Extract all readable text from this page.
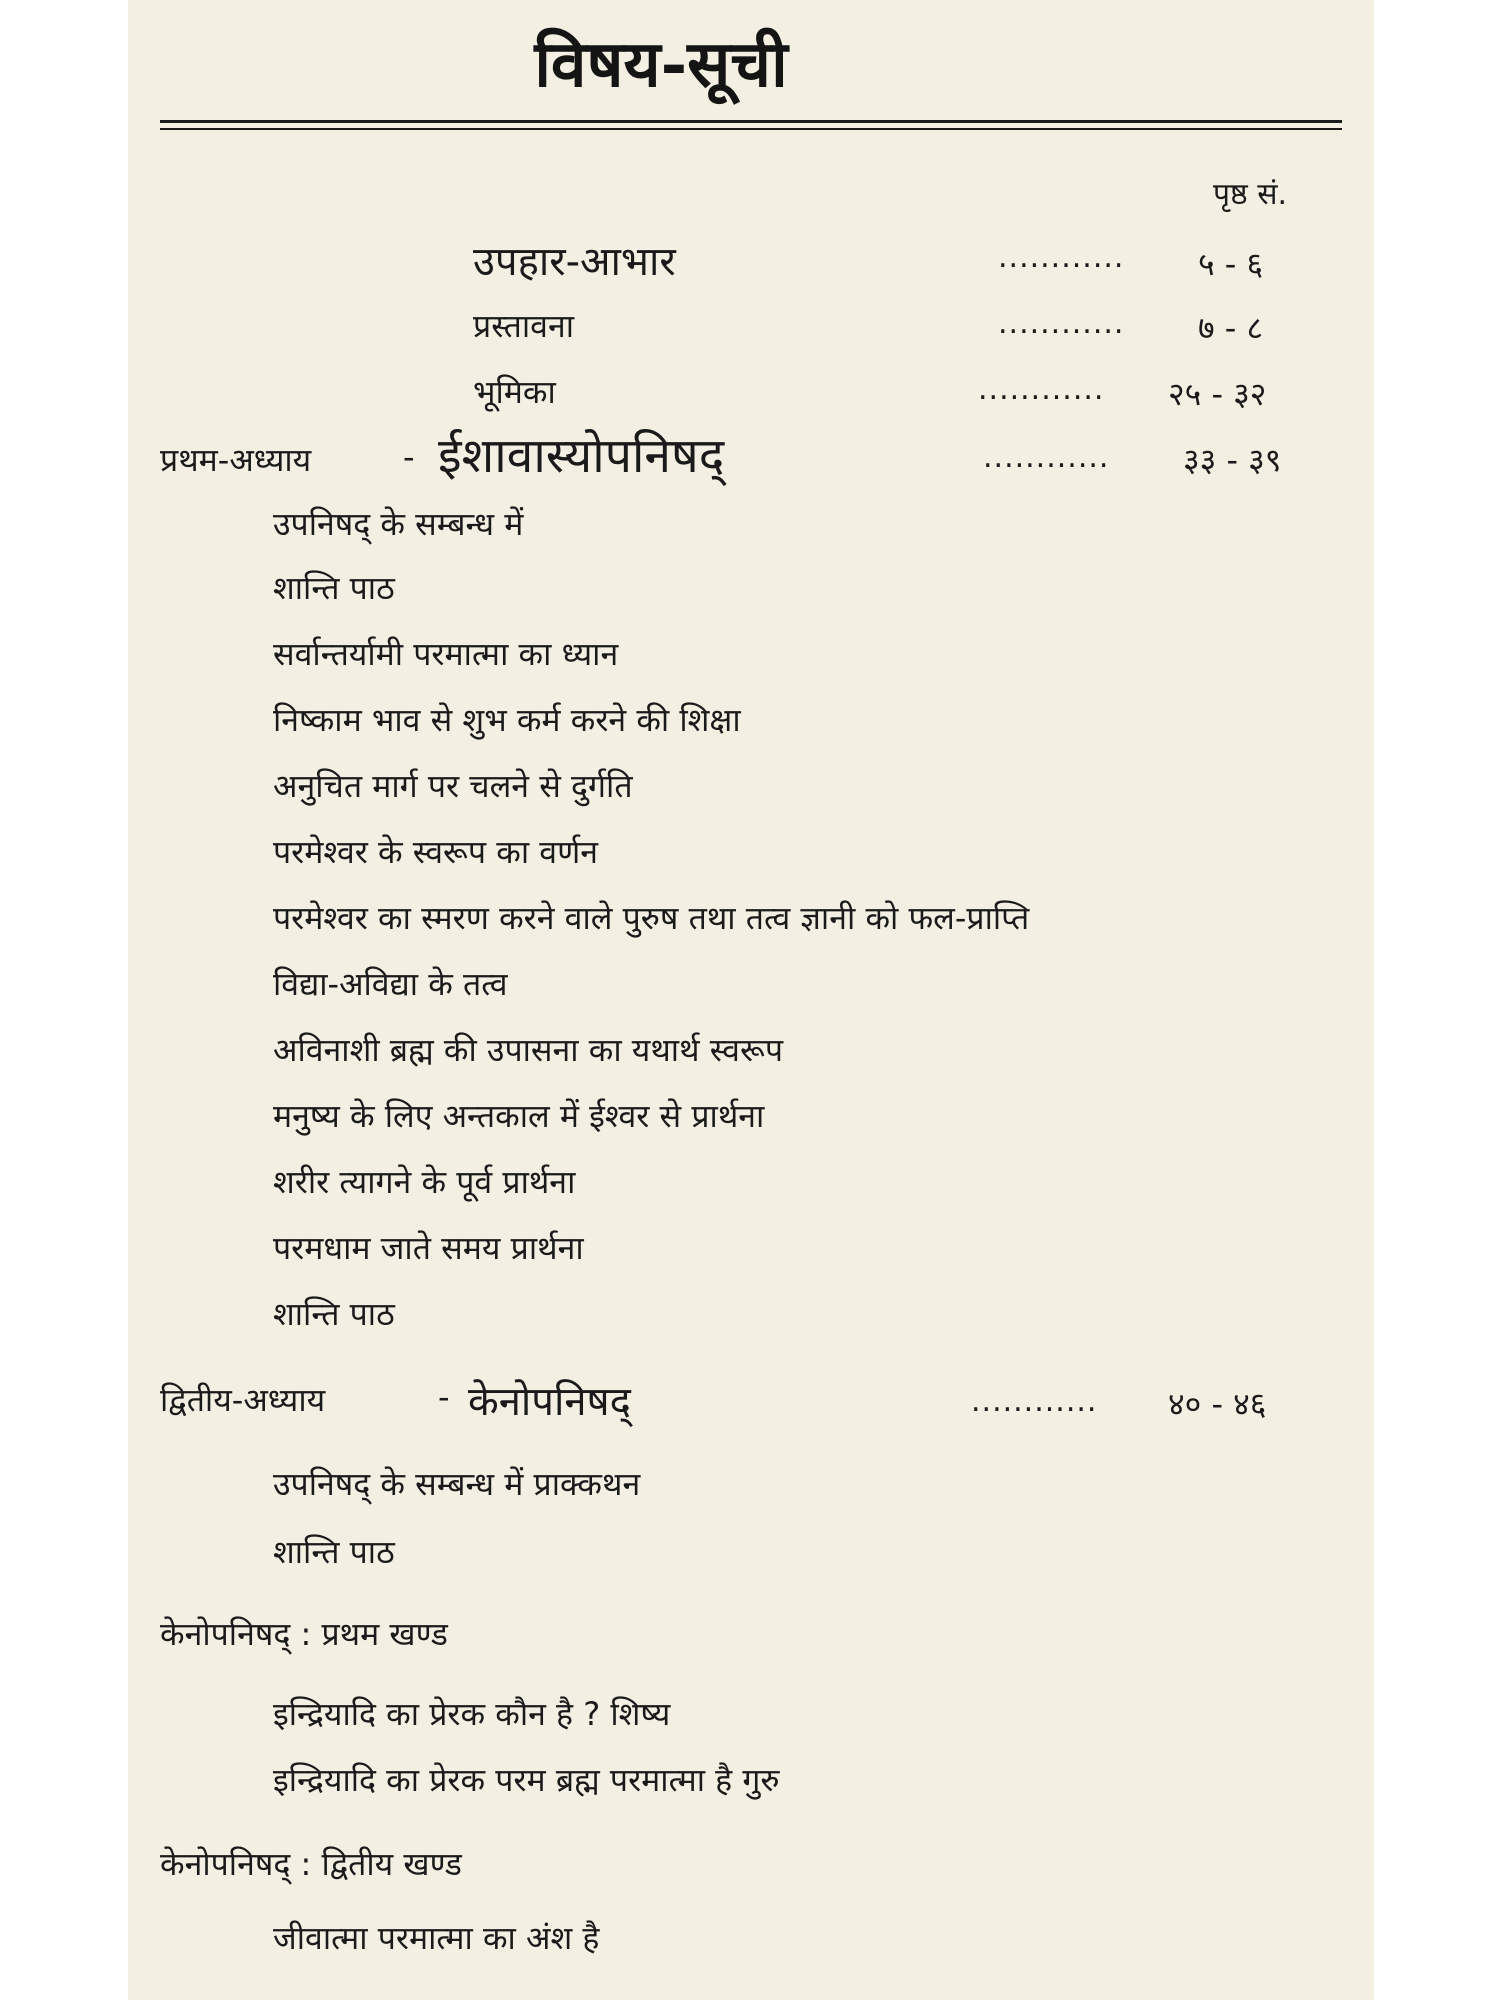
विषय-सूची
पृष्ठ सं.
उपहार-आभार	............ ५ - ६
प्रस्तावना	............ ७ - ८
भूमिका	............ २५ - ३२
प्रथम-अध्याय	- ईशावास्योपनिषद्	............ ३३ - ३९
उपनिषद् के सम्बन्ध में
शान्ति पाठ
सर्वान्तर्यामी परमात्मा का ध्यान
निष्काम भाव से शुभ कर्म करने की शिक्षा
अनुचित मार्ग पर चलने से दुर्गति
परमेश्वर के स्वरूप का वर्णन
परमेश्वर का स्मरण करने वाले पुरुष तथा तत्व ज्ञानी को फल-प्राप्ति
विद्या-अविद्या के तत्व
अविनाशी ब्रह्म की उपासना का यथार्थ स्वरूप
मनुष्य के लिए अन्तकाल में ईश्वर से प्रार्थना
शरीर त्यागने के पूर्व प्रार्थना
परमधाम जाते समय प्रार्थना
शान्ति पाठ
द्वितीय-अध्याय	- केनोपनिषद्	............ ४० - ४६
उपनिषद् के सम्बन्ध में प्राक्कथन
शान्ति पाठ
केनोपनिषद् : प्रथम खण्ड
इन्द्रियादि का प्रेरक कौन है ? शिष्य
इन्द्रियादि का प्रेरक परम ब्रह्म परमात्मा है गुरु
केनोपनिषद् : द्वितीय खण्ड
जीवात्मा परमात्मा का अंश है
